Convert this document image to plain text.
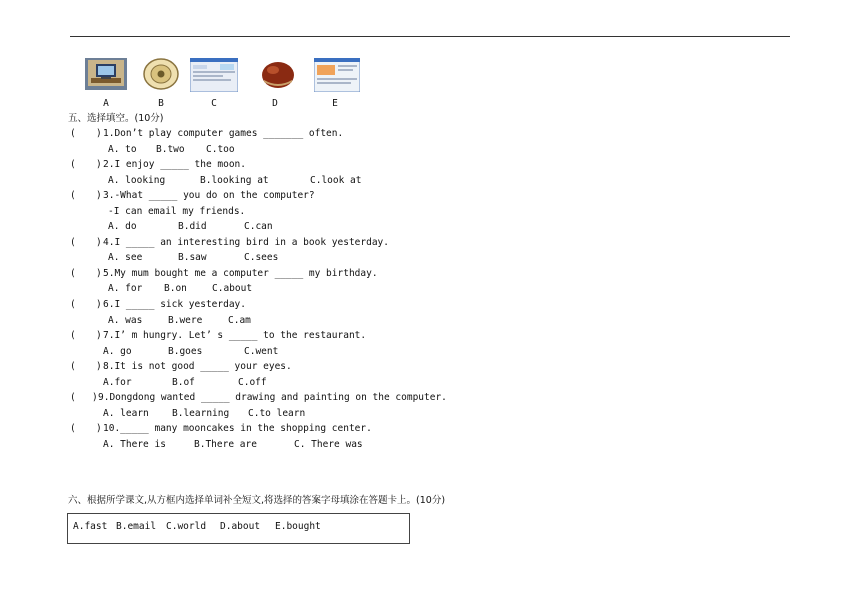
A	B	C	D	E
五、选择填空。(10分)
( ) 1.Don’t play computer games _______ often.
A. to B.two C.too
( ) 2.I enjoy _____ the moon.
A. looking	B.looking at	C.look at
( ) 3.-What _____ you do on the computer?
-I can email my friends.
A. do	B.did	C.can
( ) 4.I _____ an interesting bird in a book yesterday.
A. see	B.saw	C.sees
( ) 5.My mum bought me a computer _____ my birthday.
A. for B.on	C.about
( ) 6.I _____ sick yesterday.
A. was	B.were	C.am
( ) 7.I’ m hungry. Let’ s _____ to the restaurant.
A. go	B.goes	C.went
( ) 8.It is not good _____ your eyes.
A.for	B.of	C.off
( ) 9.Dongdong wanted _____ drawing and painting on the computer.
A. learn B.learning C.to learn
( ) 10._____ many mooncakes in the shopping center.
A. There is	B.There are	C. There was
六、根据所学课文,从方框内选择单词补全短文,将选择的答案字母填涂在答题卡上。(10分)
A.fast B.email C.world D.about E.bought
